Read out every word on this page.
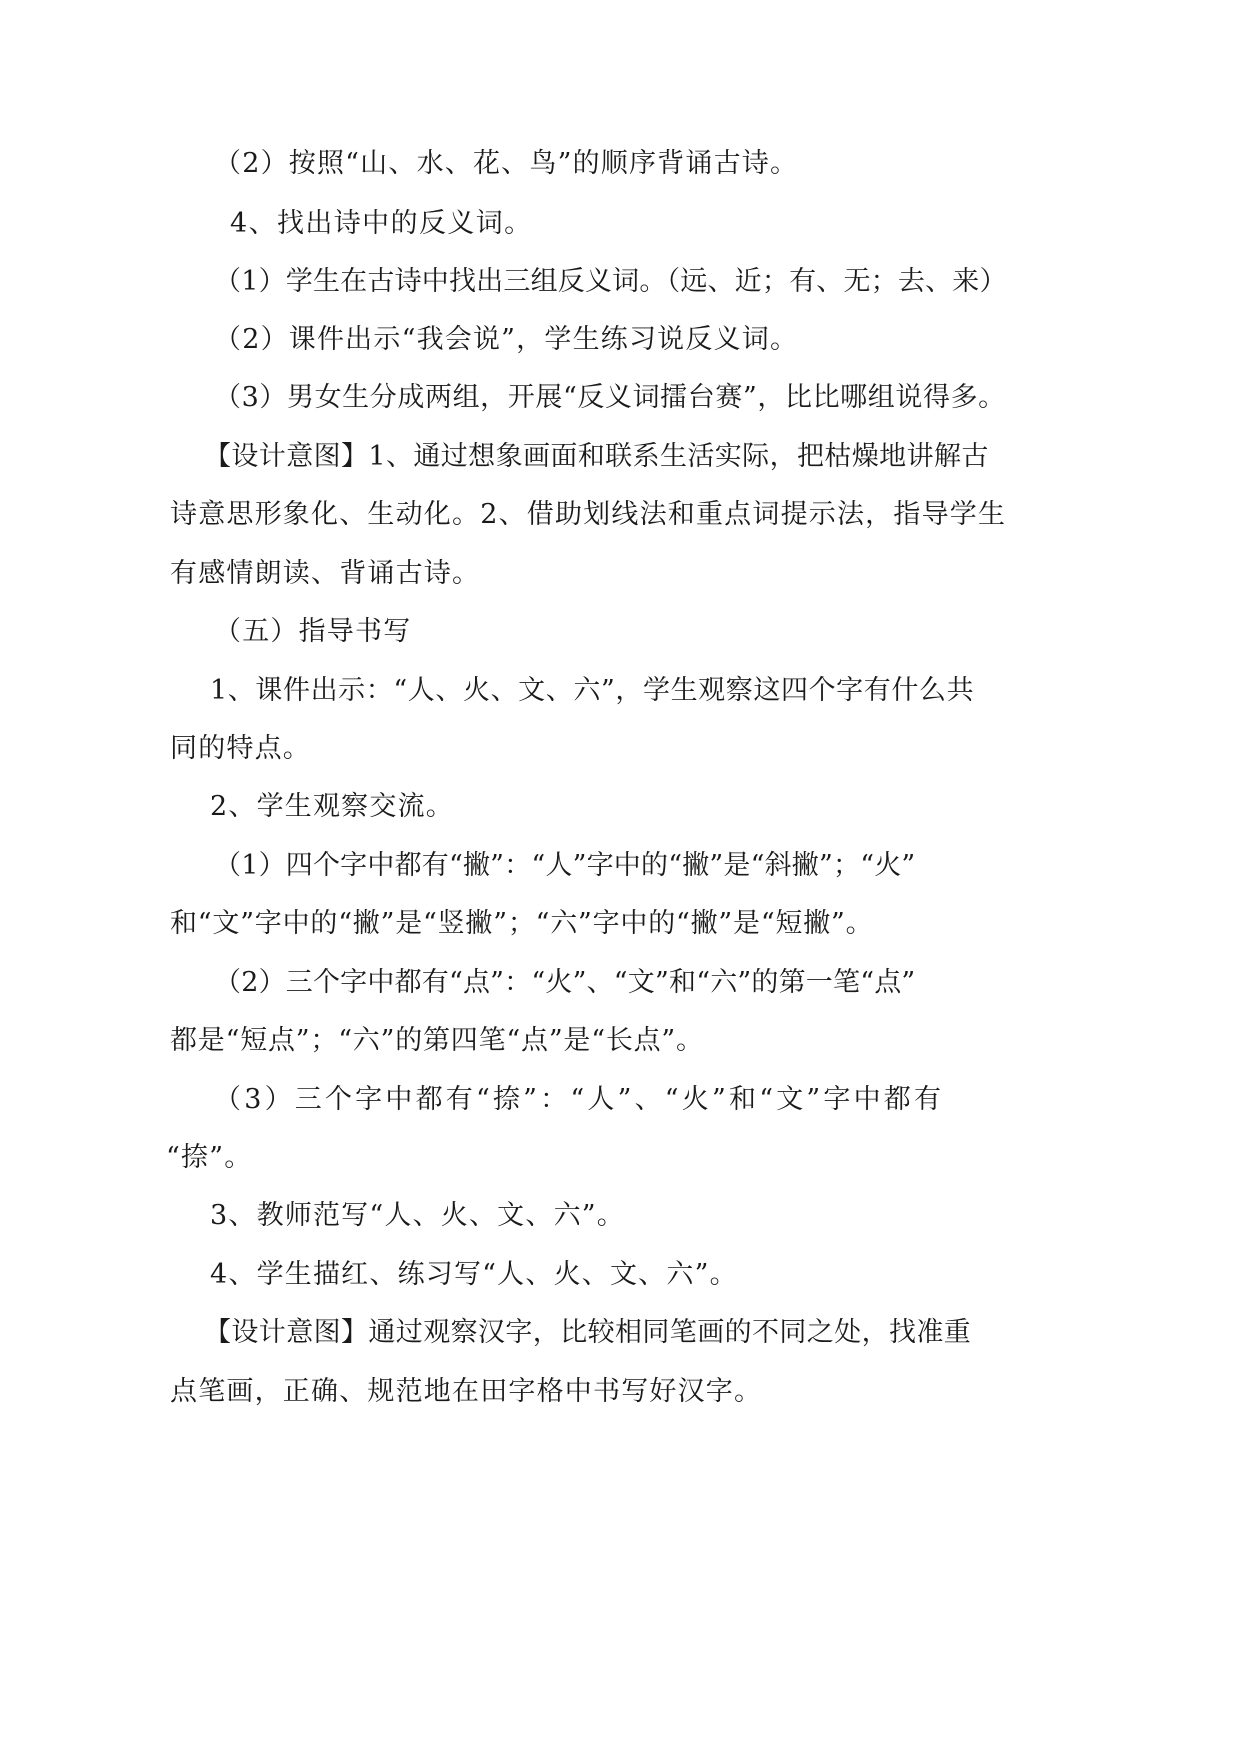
（2）按照“山、水、花、鸟”的顺序背诵古诗。
4、找出诗中的反义词。
（1）学生在古诗中找出三组反义词。（远、近；有、无；去、来）
（2）课件出示“我会说”，学生练习说反义词。
（3）男女生分成两组，开展“反义词擂台赛”，比比哪组说得多。
【设计意图】1、通过想象画面和联系生活实际，把枯燥地讲解古
诗意思形象化、生动化。2、借助划线法和重点词提示法，指导学生
有感情朗读、背诵古诗。
（五）指导书写
1、课件出示：“人、火、文、六”，学生观察这四个字有什么共
同的特点。
2、学生观察交流。
（1）四个字中都有“撇”：“人”字中的“撇”是“斜撇”；“火”
和“文”字中的“撇”是“竖撇”；“六”字中的“撇”是“短撇”。
（2）三个字中都有“点”：“火”、“文”和“六”的第一笔“点”
都是“短点”；“六”的第四笔“点”是“长点”。
（3）三个字中都有“捺”：“人”、“火”和“文”字中都有
“捺”。
3、教师范写“人、火、文、六”。
4、学生描红、练习写“人、火、文、六”。
【设计意图】通过观察汉字，比较相同笔画的不同之处，找准重
点笔画，正确、规范地在田字格中书写好汉字。
